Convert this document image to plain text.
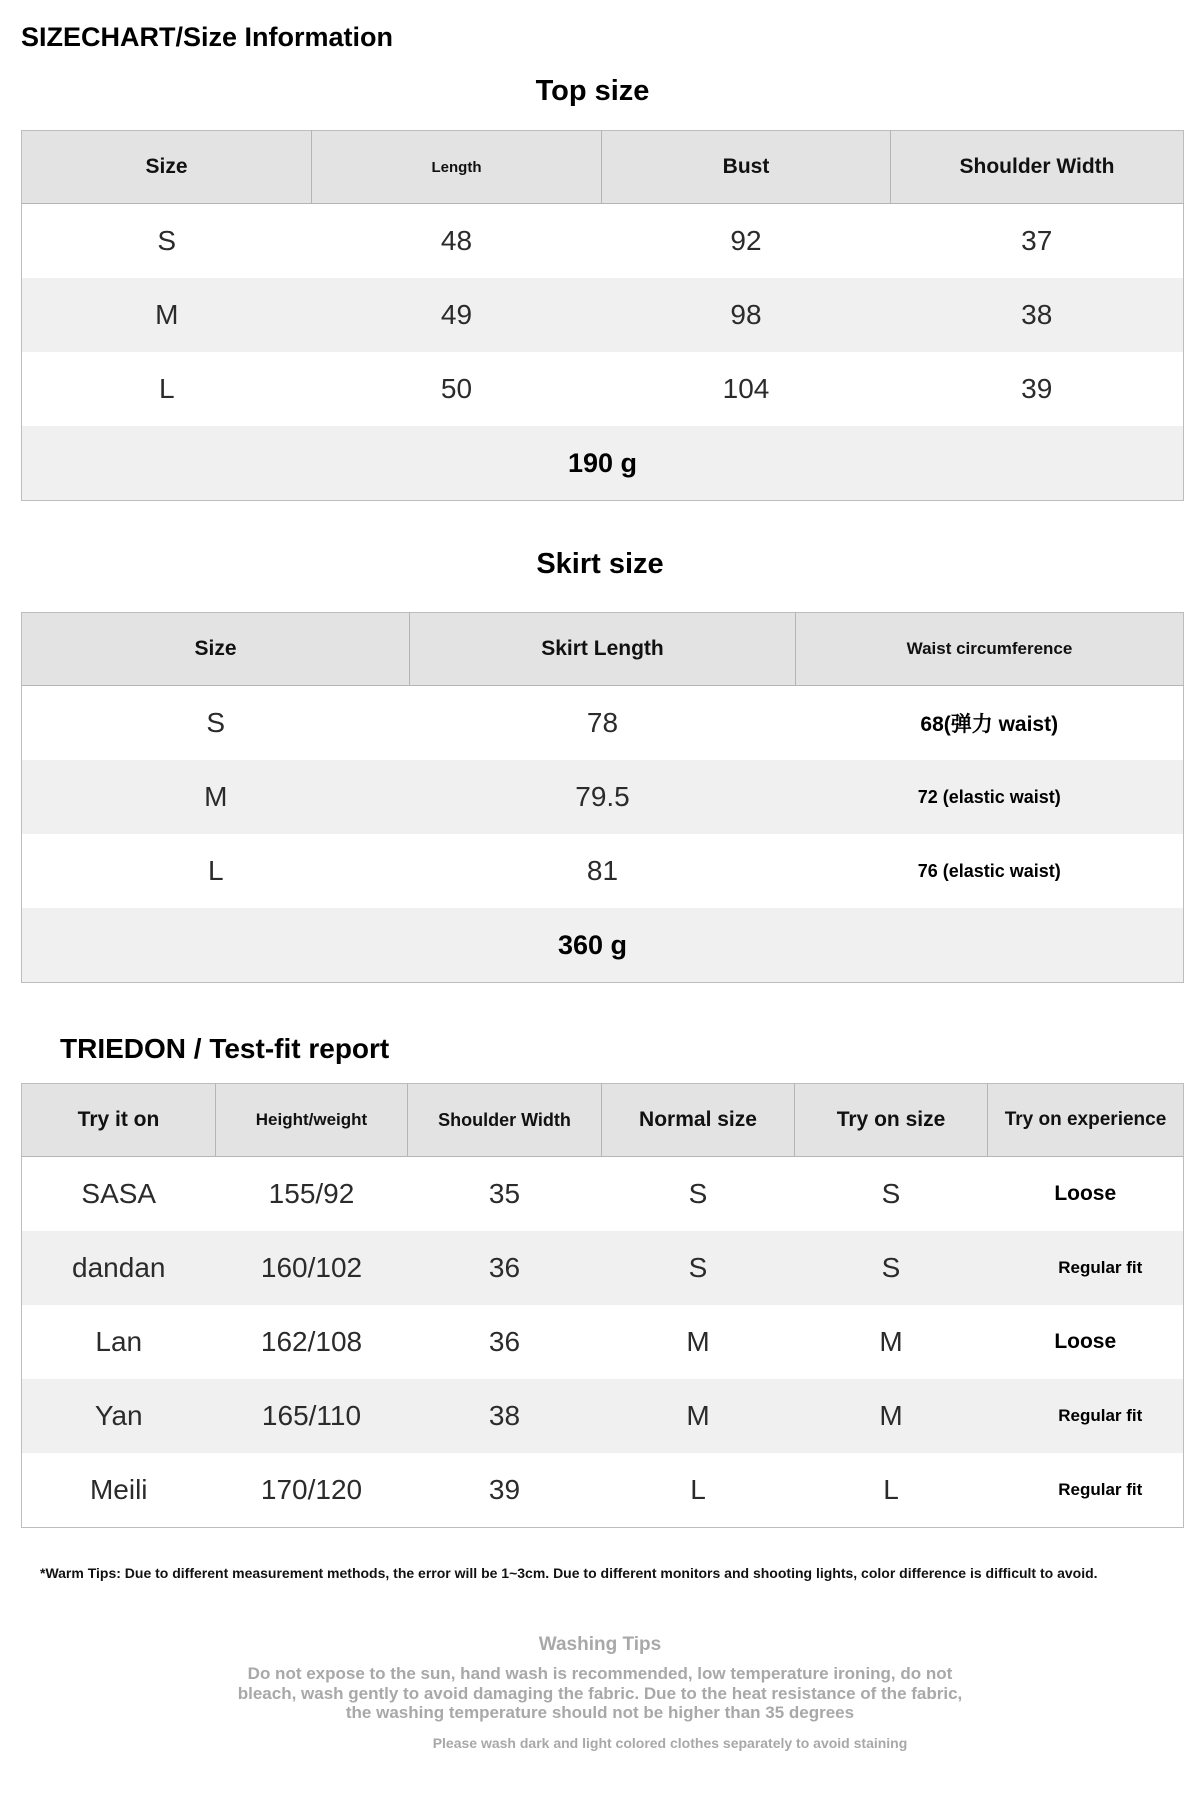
SIZECHART/Size Information
Top size
Size	Length	Bust	Shoulder Width
S	48	92	37
M	49	98	38
L	50	104	39
190 g			
Skirt size
Size	Skirt Length	Waist circumference
S	78	68(弹力 waist)
M	79.5	72 (elastic waist)
L	81	76 (elastic waist)
360 g		
TRIEDON / Test-fit report
Try it on	Height/weight	Shoulder Width	Normal size	Try on size	Try on experience
SASA	155/92	35	S	S	Loose
dandan	160/102	36	S	S	Regular fit
Lan	162/108	36	M	M	Loose
Yan	165/110	38	M	M	Regular fit
Meili	170/120	39	L	L	Regular fit
*Warm Tips: Due to different measurement methods, the error will be 1~3cm. Due to different monitors and shooting lights, color difference is difficult to avoid.
Washing Tips
Do not expose to the sun, hand wash is recommended, low temperature ironing, do not
bleach, wash gently to avoid damaging the fabric. Due to the heat resistance of the fabric,
the washing temperature should not be higher than 35 degrees
Please wash dark and light colored clothes separately to avoid staining
